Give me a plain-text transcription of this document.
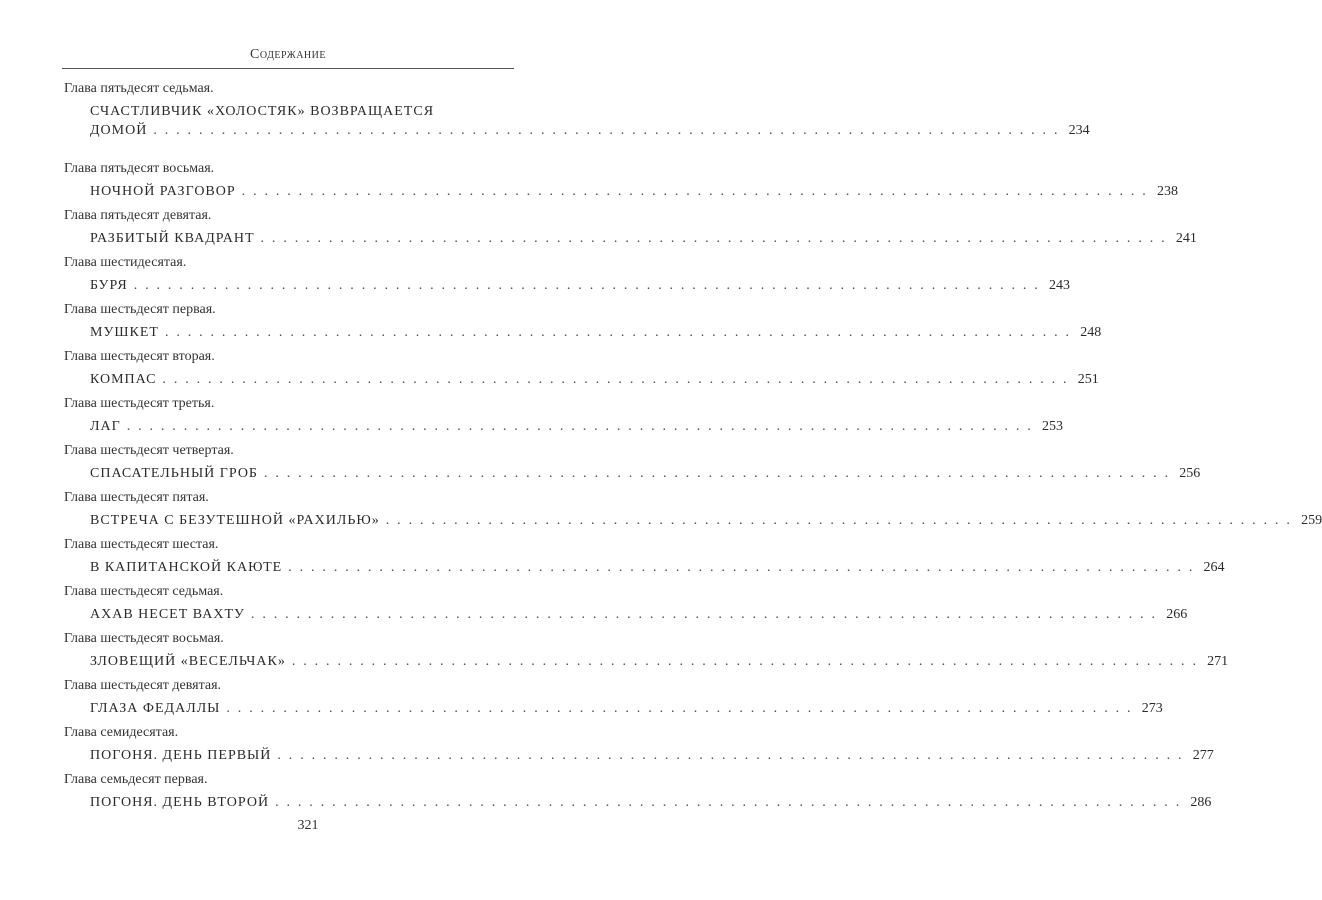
Содержание
Глава пятьдесят седьмая.
СЧАСТЛИВЧИК «ХОЛОСТЯК» ВОЗВРАЩАЕТСЯ
ДОМОЙ . . . . . . . . . . . . . . . . . . . . . . . . . . . . . . . . . . . . . . . . . . . . . . . . . . . . . . . . . . . . . . . . . . . . . . . . . . . . . . . . 234
Глава пятьдесят восьмая.
НОЧНОЙ РАЗГОВОР . . . . . . . . . . . . . . . . . . . . . . . . . . . . . . . . . . . . . . . . . . . . . . . . . . . . . . . . . . . . . . . . . . . . . . . . . . . . . . . . 238
Глава пятьдесят девятая.
РАЗБИТЫЙ КВАДРАНТ . . . . . . . . . . . . . . . . . . . . . . . . . . . . . . . . . . . . . . . . . . . . . . . . . . . . . . . . . . . . . . . . . . . . . . . . . . . . . . . . 241
Глава шестидесятая.
БУРЯ . . . . . . . . . . . . . . . . . . . . . . . . . . . . . . . . . . . . . . . . . . . . . . . . . . . . . . . . . . . . . . . . . . . . . . . . . . . . . . . . 243
Глава шестьдесят первая.
МУШКЕТ . . . . . . . . . . . . . . . . . . . . . . . . . . . . . . . . . . . . . . . . . . . . . . . . . . . . . . . . . . . . . . . . . . . . . . . . . . . . . . . . 248
Глава шестьдесят вторая.
КОМПАС . . . . . . . . . . . . . . . . . . . . . . . . . . . . . . . . . . . . . . . . . . . . . . . . . . . . . . . . . . . . . . . . . . . . . . . . . . . . . . . . 251
Глава шестьдесят третья.
ЛАГ . . . . . . . . . . . . . . . . . . . . . . . . . . . . . . . . . . . . . . . . . . . . . . . . . . . . . . . . . . . . . . . . . . . . . . . . . . . . . . . . 253
Глава шестьдесят четвертая.
СПАСАТЕЛЬНЫЙ ГРОБ . . . . . . . . . . . . . . . . . . . . . . . . . . . . . . . . . . . . . . . . . . . . . . . . . . . . . . . . . . . . . . . . . . . . . . . . . . . . . . . . 256
Глава шестьдесят пятая.
ВСТРЕЧА С БЕЗУТЕШНОЙ «РАХИЛЬЮ» . . . . . . . . . . . . . . . . . . . . . . . . . . . . . . . . . . . . . . . . . . . . . . . . . . . . . . . . . . . . . . . . . . . . . . . . . . . . . . . . 259
Глава шестьдесят шестая.
В КАПИТАНСКОЙ КАЮТЕ . . . . . . . . . . . . . . . . . . . . . . . . . . . . . . . . . . . . . . . . . . . . . . . . . . . . . . . . . . . . . . . . . . . . . . . . . . . . . . . . 264
Глава шестьдесят седьмая.
АХАВ НЕСЕТ ВАХТУ . . . . . . . . . . . . . . . . . . . . . . . . . . . . . . . . . . . . . . . . . . . . . . . . . . . . . . . . . . . . . . . . . . . . . . . . . . . . . . . . 266
Глава шестьдесят восьмая.
ЗЛОВЕЩИЙ «ВЕСЕЛЬЧАК» . . . . . . . . . . . . . . . . . . . . . . . . . . . . . . . . . . . . . . . . . . . . . . . . . . . . . . . . . . . . . . . . . . . . . . . . . . . . . . . . 271
Глава шестьдесят девятая.
ГЛАЗА ФЕДАЛЛЫ . . . . . . . . . . . . . . . . . . . . . . . . . . . . . . . . . . . . . . . . . . . . . . . . . . . . . . . . . . . . . . . . . . . . . . . . . . . . . . . . 273
Глава семидесятая.
ПОГОНЯ. ДЕНЬ ПЕРВЫЙ . . . . . . . . . . . . . . . . . . . . . . . . . . . . . . . . . . . . . . . . . . . . . . . . . . . . . . . . . . . . . . . . . . . . . . . . . . . . . . . . 277
Глава семьдесят первая.
ПОГОНЯ. ДЕНЬ ВТОРОЙ . . . . . . . . . . . . . . . . . . . . . . . . . . . . . . . . . . . . . . . . . . . . . . . . . . . . . . . . . . . . . . . . . . . . . . . . . . . . . . . . 286
321
